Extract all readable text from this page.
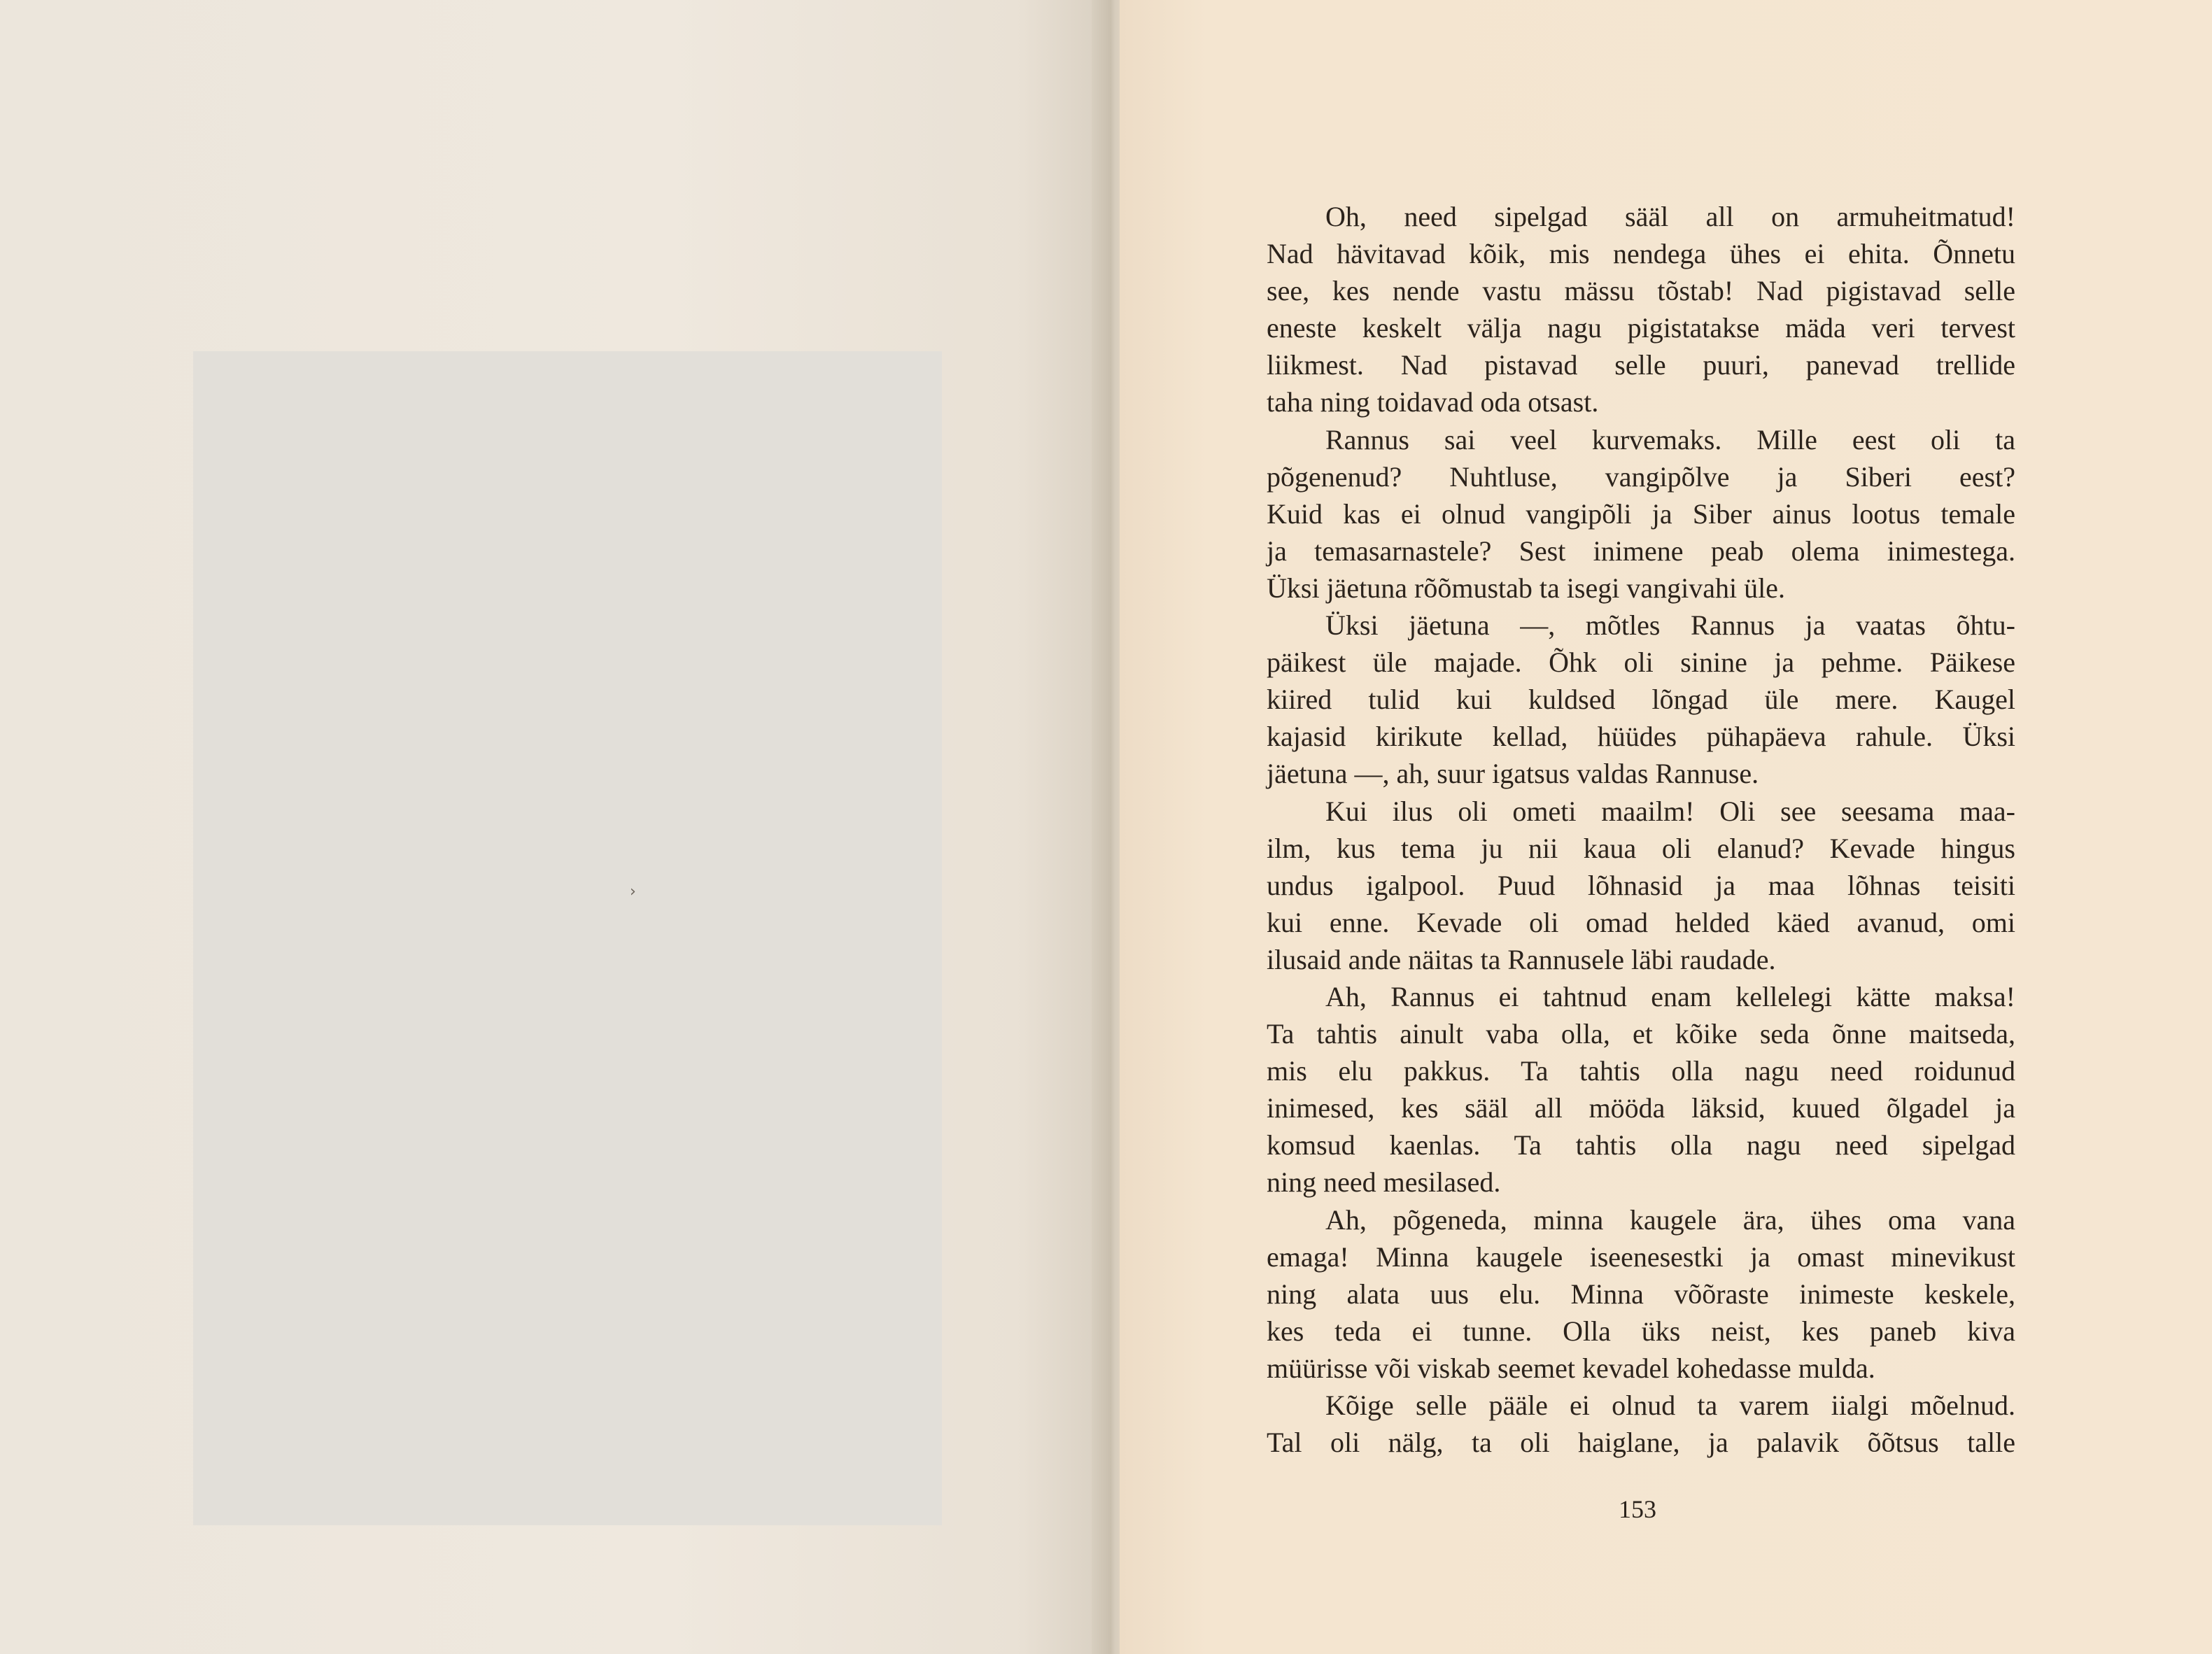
›

Oh, need sipelgad sääl all on armuheitmatud!
Nad hävitavad kõik, mis nendega ühes ei ehita. Õnnetu
see, kes nende vastu mässu tõstab! Nad pigistavad selle
eneste keskelt välja nagu pigistatakse mäda veri tervest
liikmest. Nad pistavad selle puuri, panevad trellide
taha ning toidavad oda otsast.

Rannus sai veel kurvemaks. Mille eest oli ta
põgenenud? Nuhtluse, vangipõlve ja Siberi eest?
Kuid kas ei olnud vangipõli ja Siber ainus lootus temale
ja temasarnastele? Sest inimene peab olema inimestega.
Üksi jäetuna rõõmustab ta isegi vangivahi üle.

Üksi jäetuna —, mõtles Rannus ja vaatas õhtu-
päikest üle majade. Õhk oli sinine ja pehme. Päikese
kiired tulid kui kuldsed lõngad üle mere. Kaugel
kajasid kirikute kellad, hüüdes pühapäeva rahule. Üksi
jäetuna —, ah, suur igatsus valdas Rannuse.

Kui ilus oli ometi maailm! Oli see seesama maa-
ilm, kus tema ju nii kaua oli elanud? Kevade hingus
undus igalpool. Puud lõhnasid ja maa lõhnas teisiti
kui enne. Kevade oli omad helded käed avanud, omi
ilusaid ande näitas ta Rannusele läbi raudade.

Ah, Rannus ei tahtnud enam kellelegi kätte maksa!
Ta tahtis ainult vaba olla, et kõike seda õnne maitseda,
mis elu pakkus. Ta tahtis olla nagu need roidunud
inimesed, kes sääl all mööda läksid, kuued õlgadel ja
komsud kaenlas. Ta tahtis olla nagu need sipelgad
ning need mesilased.

Ah, põgeneda, minna kaugele ära, ühes oma vana
emaga! Minna kaugele iseenesestki ja omast minevikust
ning alata uus elu. Minna võõraste inimeste keskele,
kes teda ei tunne. Olla üks neist, kes paneb kiva
müürisse või viskab seemet kevadel kohedasse mulda.

Kõige selle pääle ei olnud ta varem iialgi mõelnud.
Tal oli nälg, ta oli haiglane, ja palavik õõtsus talle

153
